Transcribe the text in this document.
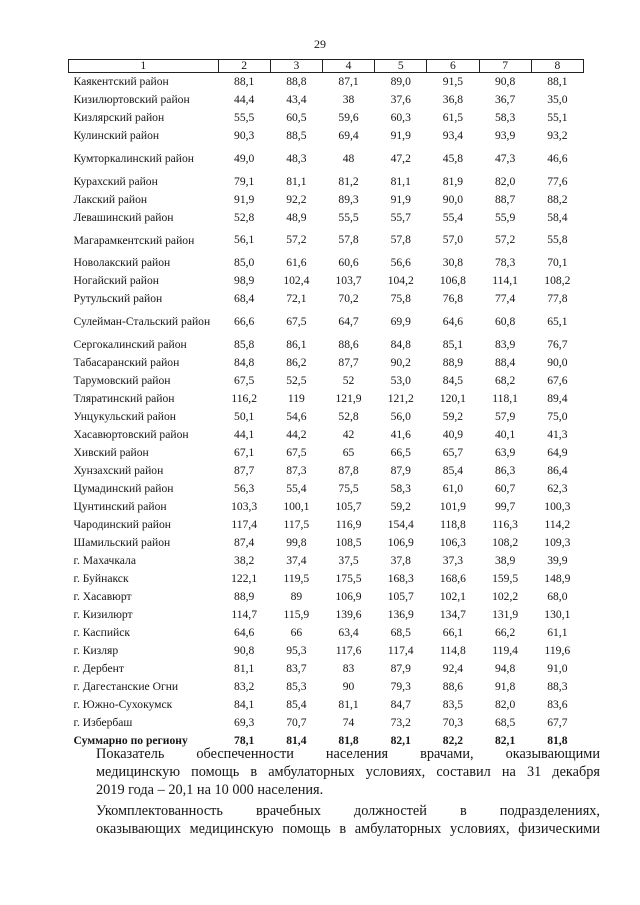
29
1	2	3	4	5	6	7	8
Каякентский район	88,1	88,8	87,1	89,0	91,5	90,8	88,1
Кизилюртовский район	44,4	43,4	38	37,6	36,8	36,7	35,0
Кизлярский район	55,5	60,5	59,6	60,3	61,5	58,3	55,1
Кулинский район	90,3	88,5	69,4	91,9	93,4	93,9	93,2
Кумторкалинский район	49,0	48,3	48	47,2	45,8	47,3	46,6
Курахский район	79,1	81,1	81,2	81,1	81,9	82,0	77,6
Лакский район	91,9	92,2	89,3	91,9	90,0	88,7	88,2
Левашинский район	52,8	48,9	55,5	55,7	55,4	55,9	58,4
Магарамкентский район	56,1	57,2	57,8	57,8	57,0	57,2	55,8
Новолакский район	85,0	61,6	60,6	56,6	30,8	78,3	70,1
Ногайский район	98,9	102,4	103,7	104,2	106,8	114,1	108,2
Рутульский район	68,4	72,1	70,2	75,8	76,8	77,4	77,8
Сулейман-Стальский район	66,6	67,5	64,7	69,9	64,6	60,8	65,1
Сергокалинский район	85,8	86,1	88,6	84,8	85,1	83,9	76,7
Табасаранский район	84,8	86,2	87,7	90,2	88,9	88,4	90,0
Тарумовский район	67,5	52,5	52	53,0	84,5	68,2	67,6
Тляратинский район	116,2	119	121,9	121,2	120,1	118,1	89,4
Унцукульский район	50,1	54,6	52,8	56,0	59,2	57,9	75,0
Хасавюртовский район	44,1	44,2	42	41,6	40,9	40,1	41,3
Хивский район	67,1	67,5	65	66,5	65,7	63,9	64,9
Хунзахский район	87,7	87,3	87,8	87,9	85,4	86,3	86,4
Цумадинский район	56,3	55,4	75,5	58,3	61,0	60,7	62,3
Цунтинский район	103,3	100,1	105,7	59,2	101,9	99,7	100,3
Чародинский район	117,4	117,5	116,9	154,4	118,8	116,3	114,2
Шамильский район	87,4	99,8	108,5	106,9	106,3	108,2	109,3
г. Махачкала	38,2	37,4	37,5	37,8	37,3	38,9	39,9
г. Буйнакск	122,1	119,5	175,5	168,3	168,6	159,5	148,9
г. Хасавюрт	88,9	89	106,9	105,7	102,1	102,2	68,0
г. Кизилюрт	114,7	115,9	139,6	136,9	134,7	131,9	130,1
г. Каспийск	64,6	66	63,4	68,5	66,1	66,2	61,1
г. Кизляр	90,8	95,3	117,6	117,4	114,8	119,4	119,6
г. Дербент	81,1	83,7	83	87,9	92,4	94,8	91,0
г. Дагестанские Огни	83,2	85,3	90	79,3	88,6	91,8	88,3
г. Южно-Сухокумск	84,1	85,4	81,1	84,7	83,5	82,0	83,6
г. Избербаш	69,3	70,7	74	73,2	70,3	68,5	67,7
Суммарно по региону	78,1	81,4	81,8	82,1	82,2	82,1	81,8
Показатель обеспеченности населения врачами, оказывающими
медицинскую помощь в амбулаторных условиях, составил на 31 декабря
2019 года – 20,1 на 10 000 населения.
Укомплектованность врачебных должностей в подразделениях,
оказывающих медицинскую помощь в амбулаторных условиях, физическими
